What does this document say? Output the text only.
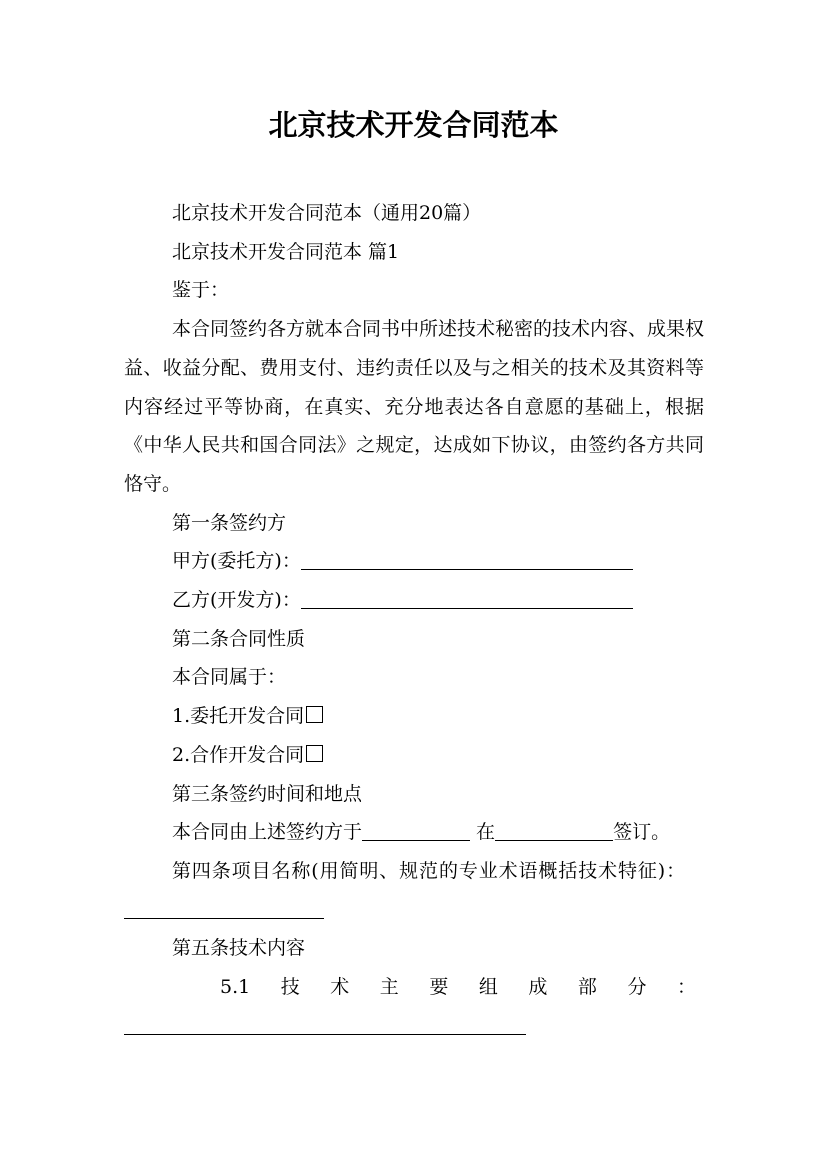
北京技术开发合同范本

北京技术开发合同范本（通用20篇）

北京技术开发合同范本 篇1

鉴于：

本合同签约各方就本合同书中所述技术秘密的技术内容、成果权益、收益分配、费用支付、违约责任以及与之相关的技术及其资料等内容经过平等协商，在真实、充分地表达各自意愿的基础上，根据《中华人民共和国合同法》之规定，达成如下协议，由签约各方共同恪守。

第一条签约方

甲方(委托方)：

乙方(开发方)：

第二条合同性质

本合同属于：

1.委托开发合同

2.合作开发合同

第三条签约时间和地点

本合同由上述签约方于	在	签订。

第四条项目名称(用简明、规范的专业术语概括技术特征)：

第五条技术内容

5.1 技 术 主 要 组 成 部 分 ：
